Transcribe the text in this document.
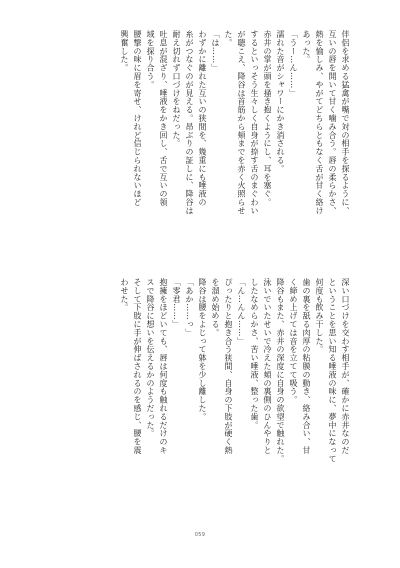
伴侶を求める猛禽が嘴で対の相手を探るように、

互いの唇を開いて甘く噛み合う。唇の柔らかさ、

熱を愉しみ、やがてどちらともなく舌が甘く絡け

あった。

「うー…ん……」

濡れた音がシャワーにかき消される。

赤井の掌が頭を掻き抱くようにし、耳を塞ぐ。

するといっそう生々しく自身が捺す舌のまぐわい

が聴こえ、降谷は首筋から頬までを赤く火照らせ

た。

「は……」

わずかに離れた互いの狭間を、幾重にも唾液の

糸がつなぐのが見える。昂ぶりの証しに、降谷は

耐え切れず口づけをねだった。

吐息が混ざり、唾液をかき回し、舌で互いの領

域を探り合う。

腰撃の味に眉を寄せ、けれど信じられないほど

興奮した。

深い口づけを交わす相手が、確かに赤井なのだ

ということを思い知る唾液の味に、夢中になって

何度も飲み干した。

歯の裏を舐る肉厚の粘膜の動き、絡み合い、甘

く締め上げては音を立てて吸う。

降谷もまた、赤井の深度に自身の欲望で触れた。

泳いでいたせいで冷えた頬の裏側のひんやりと

したなめらかさ、苦い唾液、整った歯。

「ん…んん……」

ぴったりと抱き合う狭間、自身の下肢が硬く熱

を溜め始める。

降谷は腰をよじって躰を少し離した。

「あか……っ」

「零君……」

抱擁をほどいても、唇は何度も触れるだけのキ

スで降谷に想いを伝えるかのようだった。

そして下肢に手が伸ばされるのを感じ、腰を震

わせた。

059
